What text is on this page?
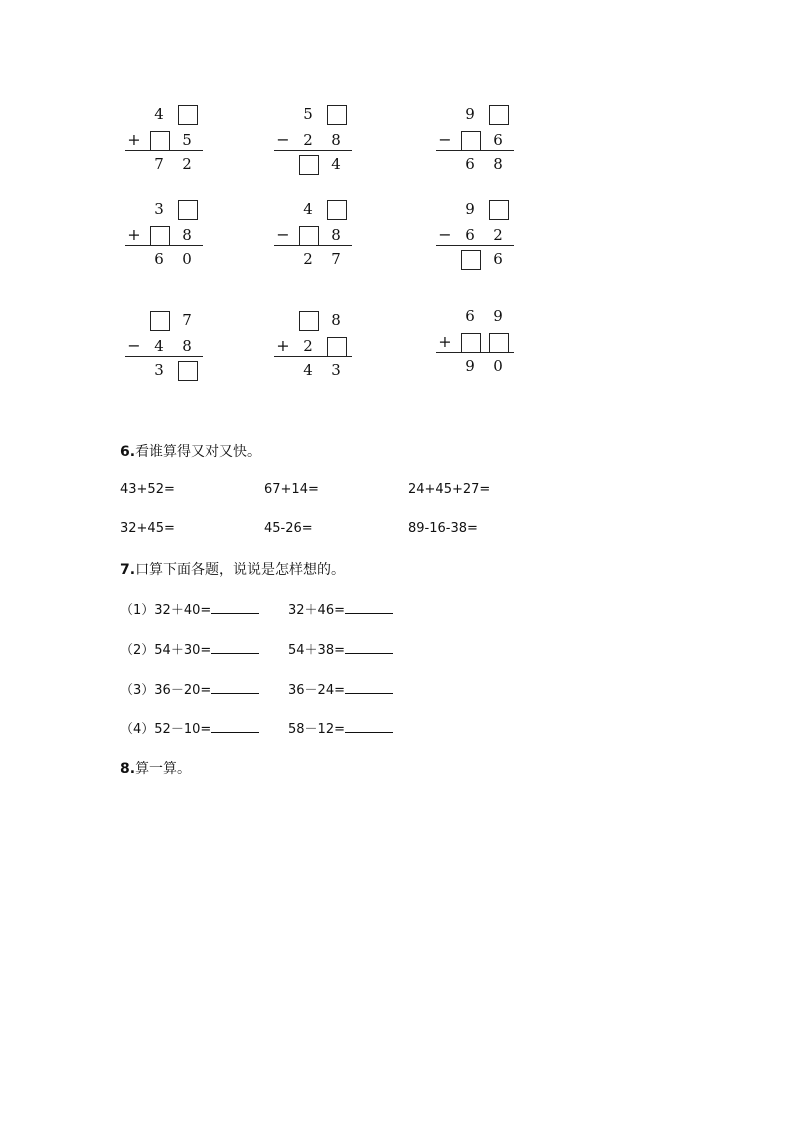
4
+	5
7	2
5
− 2	8
4
9
−	6
6	8
3
+	8
6	0
4
−	8
2	7
9
− 6	2
6
7
− 4	8
3
8
+ 2
4	3
6	9
+
9	0
6.看谁算得又对又快。
43+52=	67+14=	24+45+27=
32+45=	45-26=	89-16-38=
7.口算下面各题，说说是怎样想的。
（1）32＋40=	32＋46=
（2）54＋30=	54＋38=
（3）36－20=	36－24=
（4）52－10=	58－12=
8.算一算。
